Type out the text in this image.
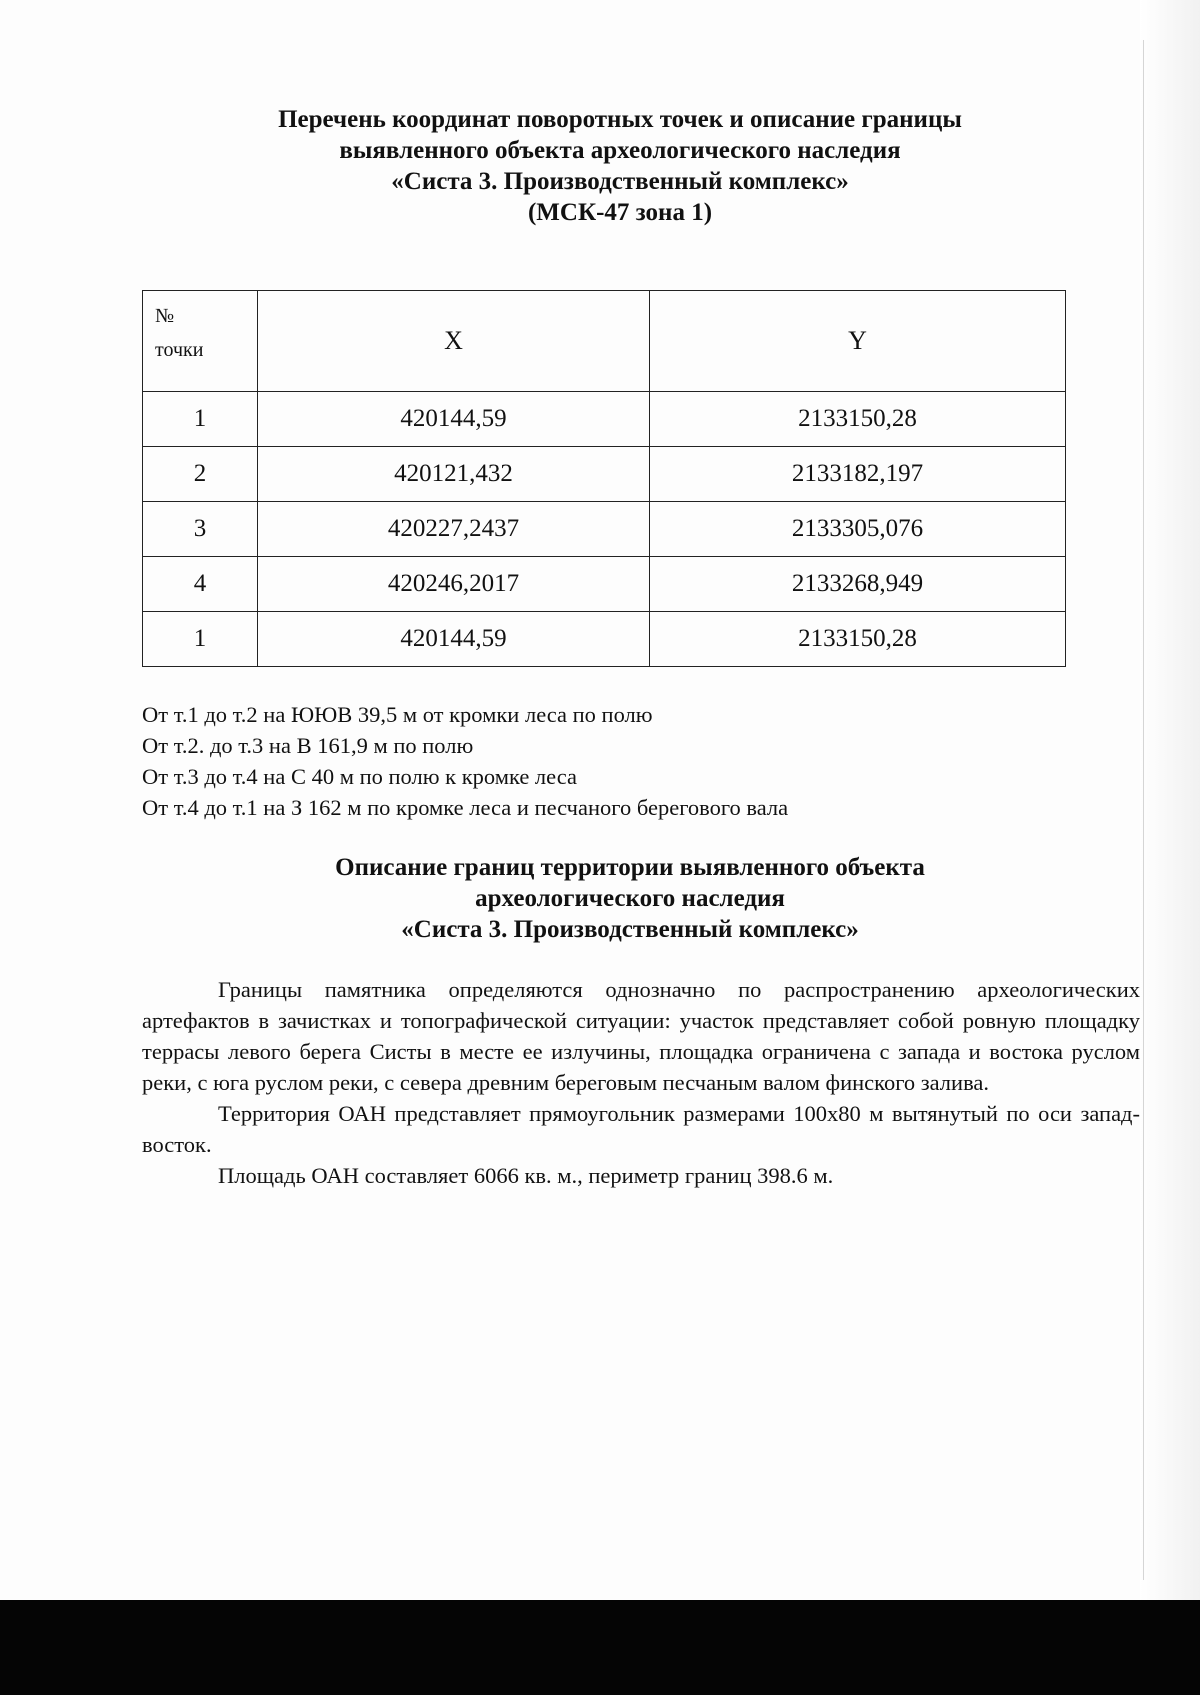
Перечень координат поворотных точек и описание границы
выявленного объекта археологического наследия
«Систа 3. Производственный комплекс»
(МСК-47 зона 1)
№
точки	X	Y
1	420144,59	2133150,28
2	420121,432	2133182,197
3	420227,2437	2133305,076
4	420246,2017	2133268,949
1	420144,59	2133150,28
От т.1 до т.2 на ЮЮВ 39,5 м от кромки леса по полю
От т.2. до т.3 на В 161,9 м по полю
От т.3 до т.4 на С 40 м по полю к кромке леса
От т.4 до т.1 на З 162 м по кромке леса и песчаного берегового вала
Описание границ территории выявленного объекта
археологического наследия
«Систа 3. Производственный комплекс»

Границы памятника определяются однозначно по распространению археологических артефактов в зачистках и топографической ситуации: участок представляет собой ровную площадку террасы левого берега Систы в месте ее излучины, площадка ограничена с запада и востока руслом реки, с юга руслом реки, с севера древним береговым песчаным валом финского залива.

Территория ОАН представляет прямоугольник размерами 100х80 м вытянутый по оси запад-восток.

Площадь ОАН составляет 6066 кв. м., периметр границ 398.6 м.
